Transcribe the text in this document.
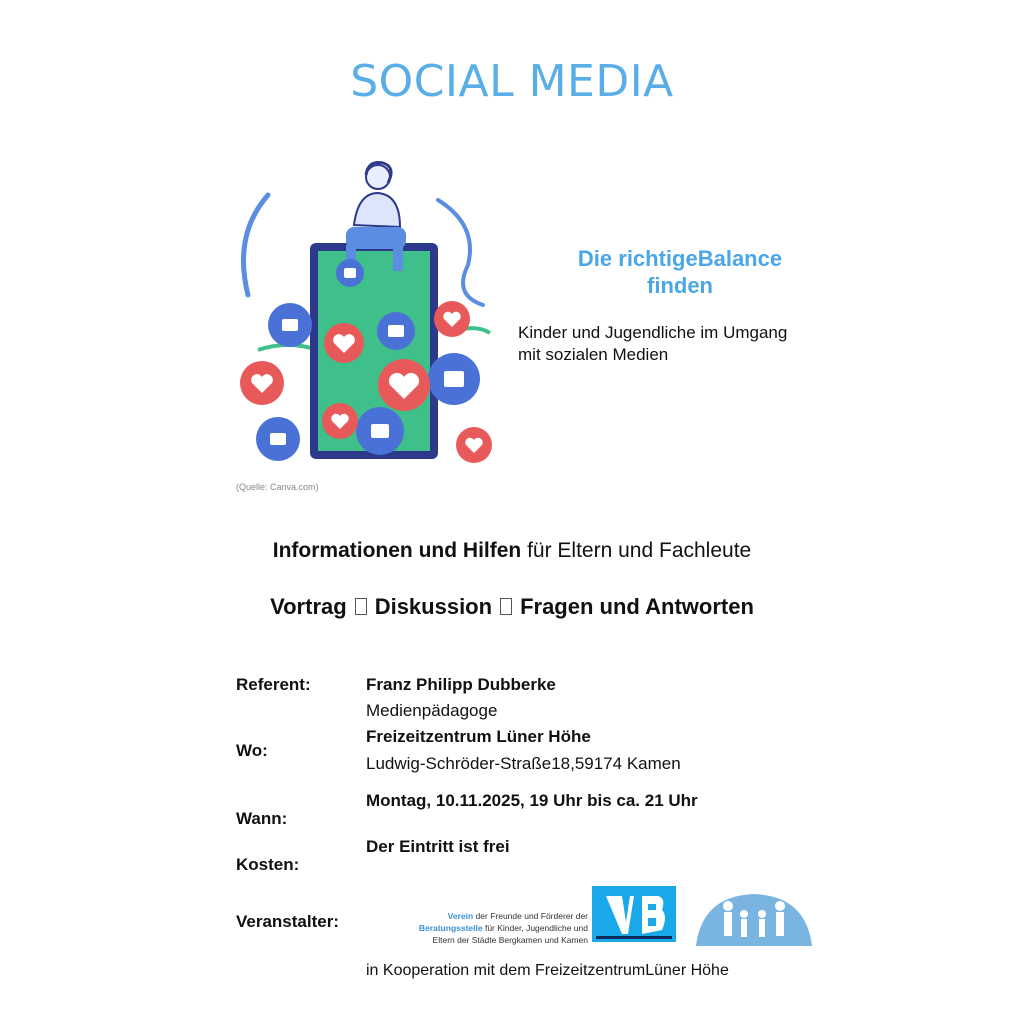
SOCIAL MEDIA
(Quelle: Canva.com)
Die richtigeBalance
finden
Kinder und Jugendliche im Umgang
mit sozialen Medien
Informationen und Hilfen für Eltern und Fachleute
Vortrag Diskussion Fragen und Antworten
Referent:	Franz Philipp Dubberke
Medienpädagoge
Wo:
Freizeitzentrum Lüner Höhe
Ludwig-Schröder-Straße18,59174 Kamen
Montag, 10.11.2025, 19 Uhr bis ca. 21 Uhr
Wann:
Der Eintritt ist frei
Kosten:
Veranstalter:	Verein der Freunde und Förderer der
Beratungsstelle für Kinder, Jugendliche und
Eltern der Städte Bergkamen und Kamen
in Kooperation mit dem FreizeitzentrumLüner Höhe
